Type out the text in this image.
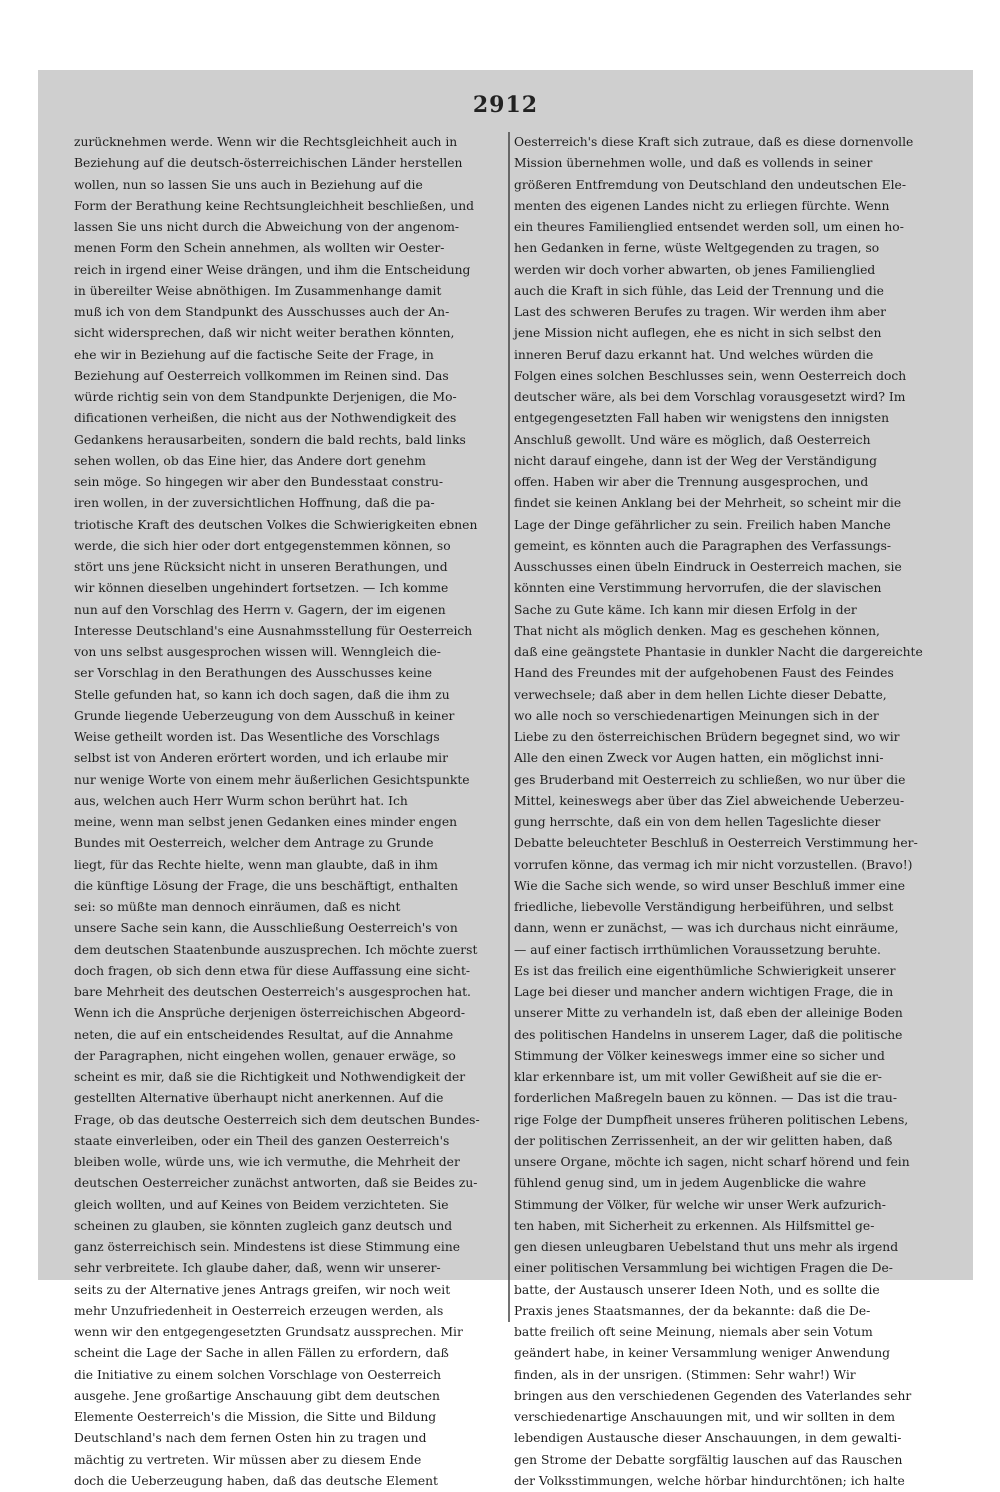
2912
zurücknehmen werde. Wenn wir die Rechtsgleichheit auch in
Beziehung auf die deutsch-österreichischen Länder herstellen
wollen, nun so lassen Sie uns auch in Beziehung auf die
Form der Berathung keine Rechtsungleichheit beschließen, und
lassen Sie uns nicht durch die Abweichung von der angenom-
menen Form den Schein annehmen, als wollten wir Oester-
reich in irgend einer Weise drängen, und ihm die Entscheidung
in übereilter Weise abnöthigen. Im Zusammenhange damit
muß ich von dem Standpunkt des Ausschusses auch der An-
sicht widersprechen, daß wir nicht weiter berathen könnten,
ehe wir in Beziehung auf die factische Seite der Frage, in
Beziehung auf Oesterreich vollkommen im Reinen sind. Das
würde richtig sein von dem Standpunkte Derjenigen, die Mo-
dificationen verheißen, die nicht aus der Nothwendigkeit des
Gedankens herausarbeiten, sondern die bald rechts, bald links
sehen wollen, ob das Eine hier, das Andere dort genehm
sein möge. So hingegen wir aber den Bundesstaat constru-
iren wollen, in der zuversichtlichen Hoffnung, daß die pa-
triotische Kraft des deutschen Volkes die Schwierigkeiten ebnen
werde, die sich hier oder dort entgegenstemmen können, so
stört uns jene Rücksicht nicht in unseren Berathungen, und
wir können dieselben ungehindert fortsetzen. — Ich komme
nun auf den Vorschlag des Herrn v. Gagern, der im eigenen
Interesse Deutschland's eine Ausnahmsstellung für Oesterreich
von uns selbst ausgesprochen wissen will. Wenngleich die-
ser Vorschlag in den Berathungen des Ausschusses keine
Stelle gefunden hat, so kann ich doch sagen, daß die ihm zu
Grunde liegende Ueberzeugung von dem Ausschuß in keiner
Weise getheilt worden ist. Das Wesentliche des Vorschlags
selbst ist von Anderen erörtert worden, und ich erlaube mir
nur wenige Worte von einem mehr äußerlichen Gesichtspunkte
aus, welchen auch Herr Wurm schon berührt hat. Ich
meine, wenn man selbst jenen Gedanken eines minder engen
Bundes mit Oesterreich, welcher dem Antrage zu Grunde
liegt, für das Rechte hielte, wenn man glaubte, daß in ihm
die künftige Lösung der Frage, die uns beschäftigt, enthalten
sei: so müßte man dennoch einräumen, daß es nicht
unsere Sache sein kann, die Ausschließung Oesterreich's von
dem deutschen Staatenbunde auszusprechen. Ich möchte zuerst
doch fragen, ob sich denn etwa für diese Auffassung eine sicht-
bare Mehrheit des deutschen Oesterreich's ausgesprochen hat.
Wenn ich die Ansprüche derjenigen österreichischen Abgeord-
neten, die auf ein entscheidendes Resultat, auf die Annahme
der Paragraphen, nicht eingehen wollen, genauer erwäge, so
scheint es mir, daß sie die Richtigkeit und Nothwendigkeit der
gestellten Alternative überhaupt nicht anerkennen. Auf die
Frage, ob das deutsche Oesterreich sich dem deutschen Bundes-
staate einverleiben, oder ein Theil des ganzen Oesterreich's
bleiben wolle, würde uns, wie ich vermuthe, die Mehrheit der
deutschen Oesterreicher zunächst antworten, daß sie Beides zu-
gleich wollten, und auf Keines von Beidem verzichteten. Sie
scheinen zu glauben, sie könnten zugleich ganz deutsch und
ganz österreichisch sein. Mindestens ist diese Stimmung eine
sehr verbreitete. Ich glaube daher, daß, wenn wir unserer-
seits zu der Alternative jenes Antrags greifen, wir noch weit
mehr Unzufriedenheit in Oesterreich erzeugen werden, als
wenn wir den entgegengesetzten Grundsatz aussprechen. Mir
scheint die Lage der Sache in allen Fällen zu erfordern, daß
die Initiative zu einem solchen Vorschlage von Oesterreich
ausgehe. Jene großartige Anschauung gibt dem deutschen
Elemente Oesterreich's die Mission, die Sitte und Bildung
Deutschland's nach dem fernen Osten hin zu tragen und
mächtig zu vertreten. Wir müssen aber zu diesem Ende
doch die Ueberzeugung haben, daß das deutsche Element
Oesterreich's diese Kraft sich zutraue, daß es diese dornenvolle
Mission übernehmen wolle, und daß es vollends in seiner
größeren Entfremdung von Deutschland den undeutschen Ele-
menten des eigenen Landes nicht zu erliegen fürchte. Wenn
ein theures Familienglied entsendet werden soll, um einen ho-
hen Gedanken in ferne, wüste Weltgegenden zu tragen, so
werden wir doch vorher abwarten, ob jenes Familienglied
auch die Kraft in sich fühle, das Leid der Trennung und die
Last des schweren Berufes zu tragen. Wir werden ihm aber
jene Mission nicht auflegen, ehe es nicht in sich selbst den
inneren Beruf dazu erkannt hat. Und welches würden die
Folgen eines solchen Beschlusses sein, wenn Oesterreich doch
deutscher wäre, als bei dem Vorschlag vorausgesetzt wird? Im
entgegengesetzten Fall haben wir wenigstens den innigsten
Anschluß gewollt. Und wäre es möglich, daß Oesterreich
nicht darauf eingehe, dann ist der Weg der Verständigung
offen. Haben wir aber die Trennung ausgesprochen, und
findet sie keinen Anklang bei der Mehrheit, so scheint mir die
Lage der Dinge gefährlicher zu sein. Freilich haben Manche
gemeint, es könnten auch die Paragraphen des Verfassungs-
Ausschusses einen übeln Eindruck in Oesterreich machen, sie
könnten eine Verstimmung hervorrufen, die der slavischen
Sache zu Gute käme. Ich kann mir diesen Erfolg in der
That nicht als möglich denken. Mag es geschehen können,
daß eine geängstete Phantasie in dunkler Nacht die dargereichte
Hand des Freundes mit der aufgehobenen Faust des Feindes
verwechsele; daß aber in dem hellen Lichte dieser Debatte,
wo alle noch so verschiedenartigen Meinungen sich in der
Liebe zu den österreichischen Brüdern begegnet sind, wo wir
Alle den einen Zweck vor Augen hatten, ein möglichst inni-
ges Bruderband mit Oesterreich zu schließen, wo nur über die
Mittel, keineswegs aber über das Ziel abweichende Ueberzeu-
gung herrschte, daß ein von dem hellen Tageslichte dieser
Debatte beleuchteter Beschluß in Oesterreich Verstimmung her-
vorrufen könne, das vermag ich mir nicht vorzustellen. (Bravo!)
Wie die Sache sich wende, so wird unser Beschluß immer eine
friedliche, liebevolle Verständigung herbeiführen, und selbst
dann, wenn er zunächst, — was ich durchaus nicht einräume,
— auf einer factisch irrthümlichen Voraussetzung beruhte.
Es ist das freilich eine eigenthümliche Schwierigkeit unserer
Lage bei dieser und mancher andern wichtigen Frage, die in
unserer Mitte zu verhandeln ist, daß eben der alleinige Boden
des politischen Handelns in unserem Lager, daß die politische
Stimmung der Völker keineswegs immer eine so sicher und
klar erkennbare ist, um mit voller Gewißheit auf sie die er-
forderlichen Maßregeln bauen zu können. — Das ist die trau-
rige Folge der Dumpfheit unseres früheren politischen Lebens,
der politischen Zerrissenheit, an der wir gelitten haben, daß
unsere Organe, möchte ich sagen, nicht scharf hörend und fein
fühlend genug sind, um in jedem Augenblicke die wahre
Stimmung der Völker, für welche wir unser Werk aufzurich-
ten haben, mit Sicherheit zu erkennen. Als Hilfsmittel ge-
gen diesen unleugbaren Uebelstand thut uns mehr als irgend
einer politischen Versammlung bei wichtigen Fragen die De-
batte, der Austausch unserer Ideen Noth, und es sollte die
Praxis jenes Staatsmannes, der da bekannte: daß die De-
batte freilich oft seine Meinung, niemals aber sein Votum
geändert habe, in keiner Versammlung weniger Anwendung
finden, als in der unsrigen. (Stimmen: Sehr wahr!) Wir
bringen aus den verschiedenen Gegenden des Vaterlandes sehr
verschiedenartige Anschauungen mit, und wir sollten in dem
lebendigen Austausche dieser Anschauungen, in dem gewalti-
gen Strome der Debatte sorgfältig lauschen auf das Rauschen
der Volksstimmungen, welche hörbar hindurchtönen; ich halte
